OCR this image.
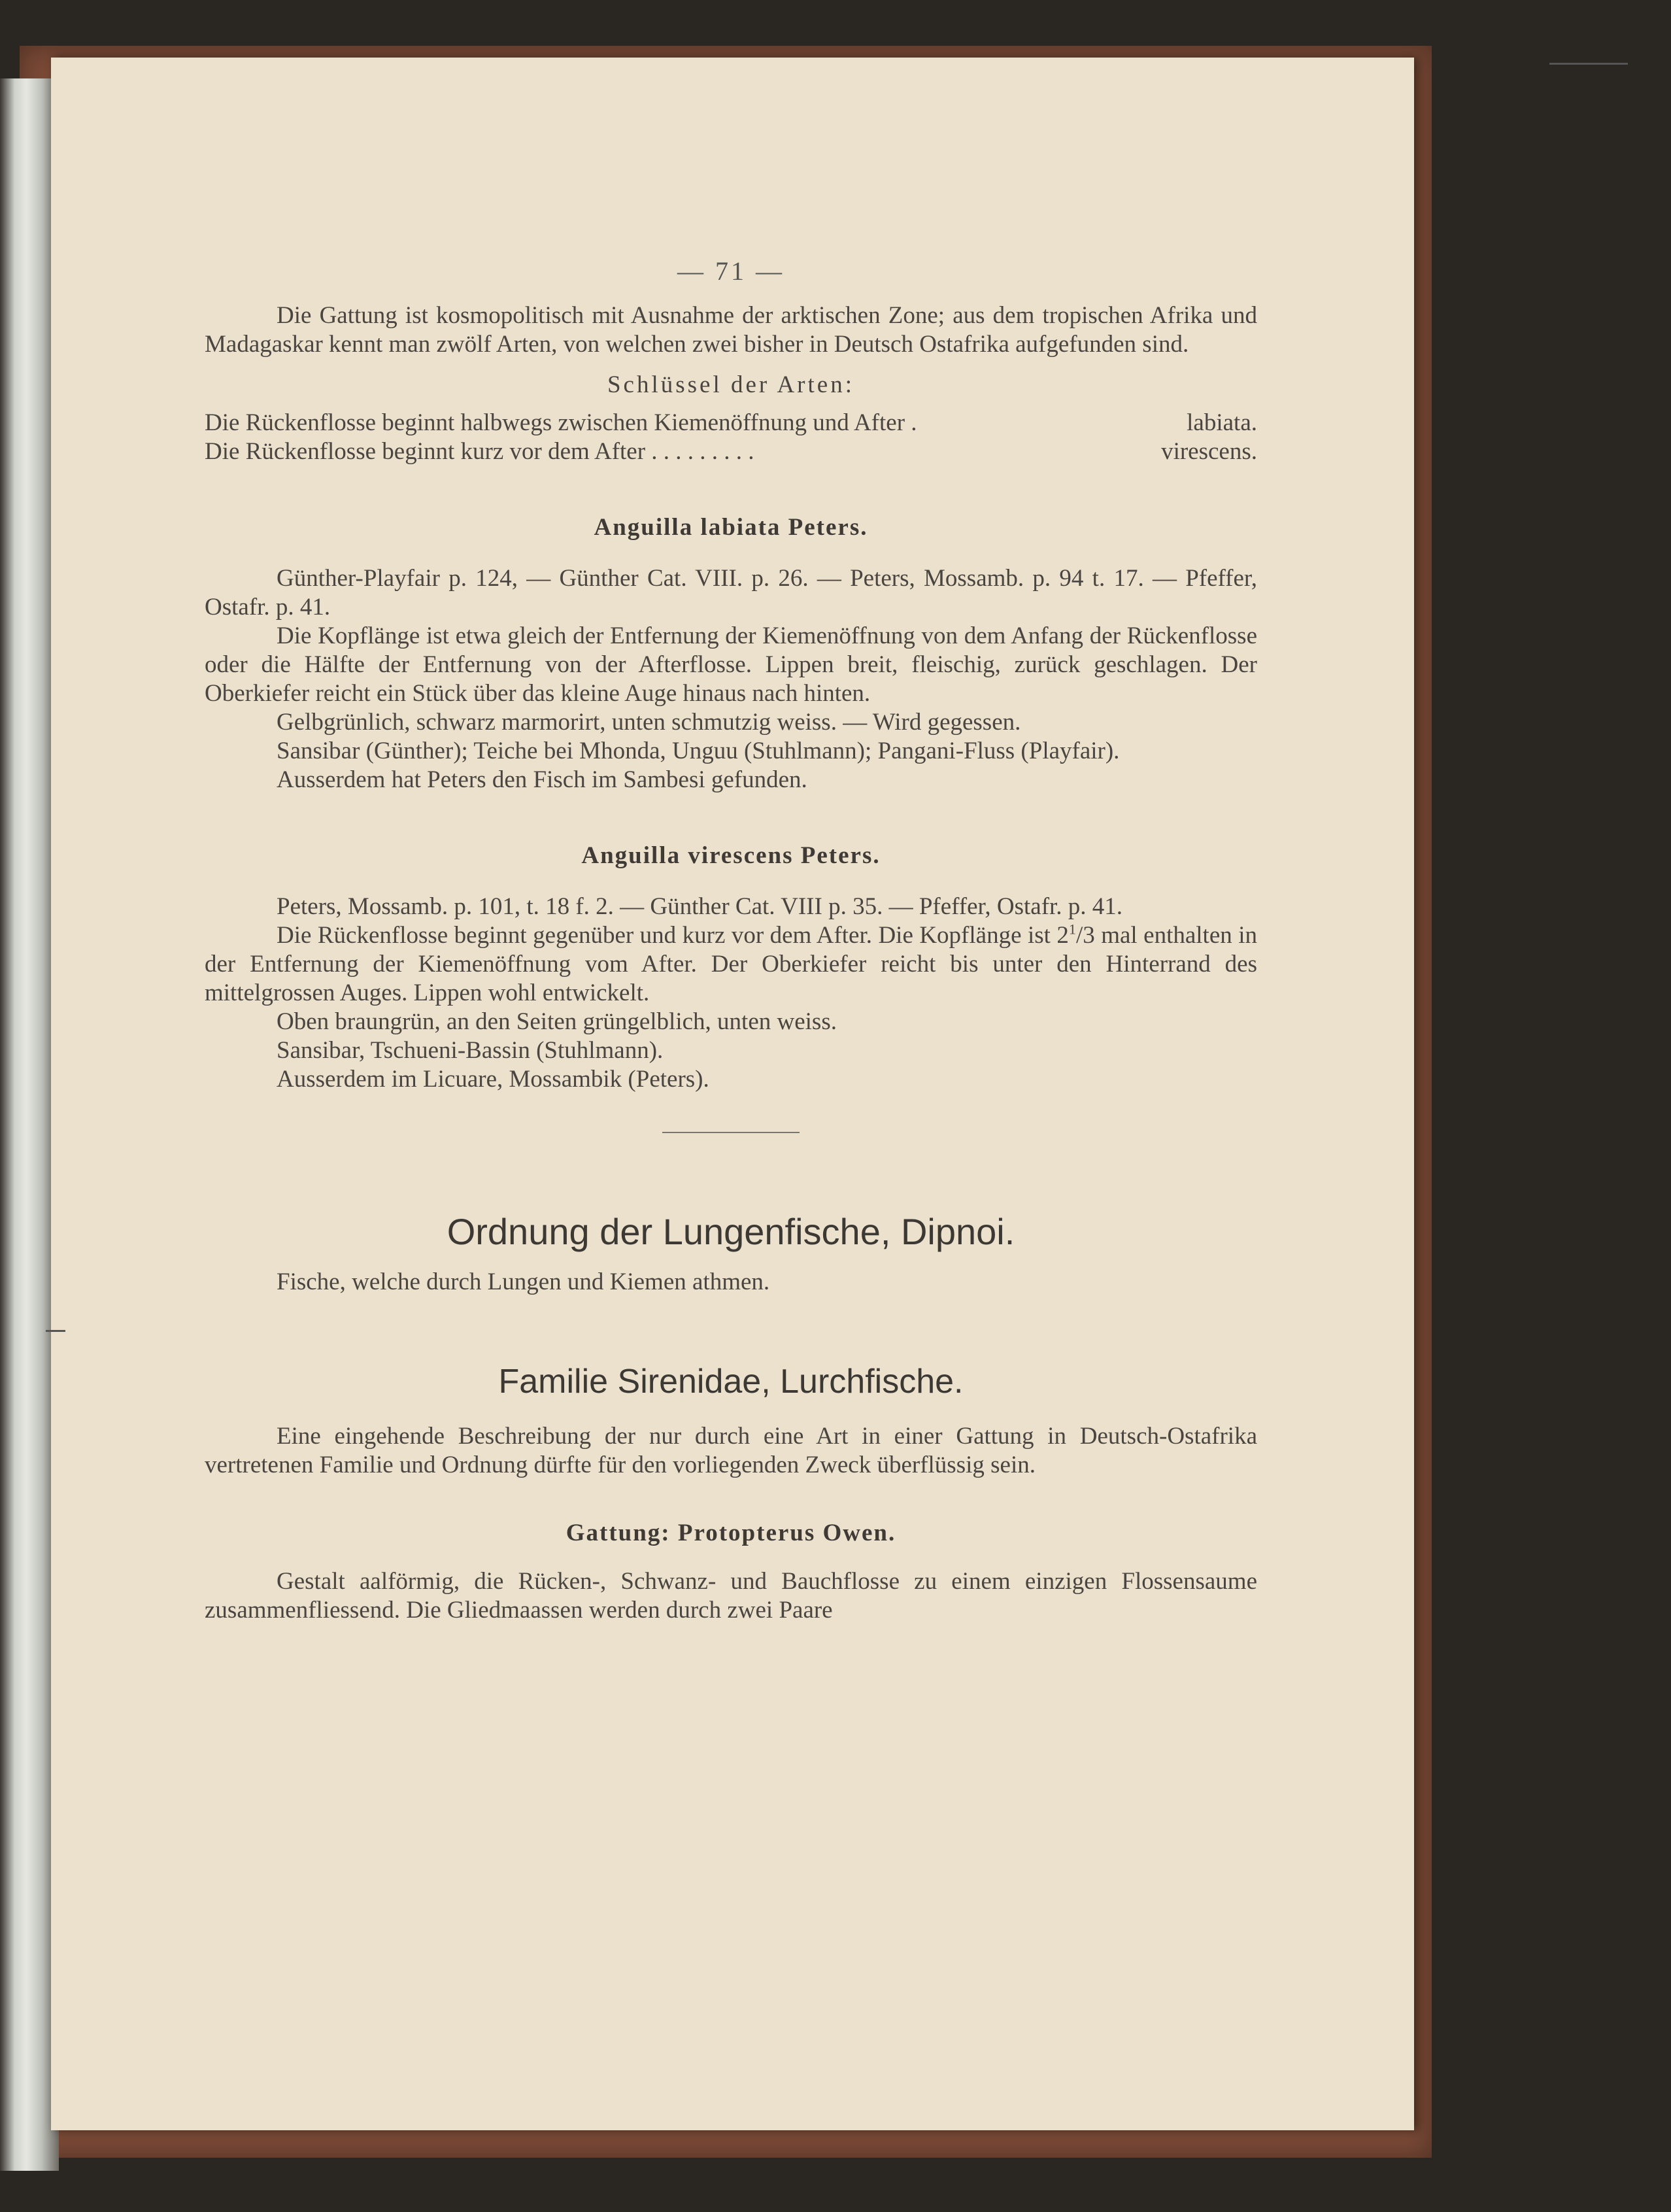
— 71 —

Die Gattung ist kosmopolitisch mit Ausnahme der arktischen Zone; aus dem tropischen Afrika und Madagaskar kennt man zwölf Arten, von welchen zwei bisher in Deutsch Ostafrika aufgefunden sind.

Schlüssel der Arten:
Die Rückenflosse beginnt halbwegs zwischen Kiemenöffnung und After .	labiata.
Die Rückenflosse beginnt kurz vor dem After . . . . . . . . .	virescens.
Anguilla labiata Peters.

Günther-Playfair p. 124, — Günther Cat. VIII. p. 26. — Peters, Mossamb. p. 94 t. 17. — Pfeffer, Ostafr. p. 41.

Die Kopflänge ist etwa gleich der Entfernung der Kiemenöffnung von dem Anfang der Rückenflosse oder die Hälfte der Entfernung von der Afterflosse. Lippen breit, fleischig, zurück geschlagen. Der Oberkiefer reicht ein Stück über das kleine Auge hinaus nach hinten.

Gelbgrünlich, schwarz marmorirt, unten schmutzig weiss. — Wird gegessen.

Sansibar (Günther); Teiche bei Mhonda, Unguu (Stuhlmann); Pangani-Fluss (Playfair).

Ausserdem hat Peters den Fisch im Sambesi gefunden.

Anguilla virescens Peters.

Peters, Mossamb. p. 101, t. 18 f. 2. — Günther Cat. VIII p. 35. — Pfeffer, Ostafr. p. 41.

Die Rückenflosse beginnt gegenüber und kurz vor dem After. Die Kopflänge ist $2^1/3$ mal enthalten in der Entfernung der Kiemenöffnung vom After. Der Oberkiefer reicht bis unter den Hinterrand des mittelgrossen Auges. Lippen wohl entwickelt.

Oben braungrün, an den Seiten grüngelblich, unten weiss.

Sansibar, Tschueni-Bassin (Stuhlmann).

Ausserdem im Licuare, Mossambik (Peters).

Ordnung der Lungenfische, Dipnoi.

Fische, welche durch Lungen und Kiemen athmen.

Familie Sirenidae, Lurchfische.

Eine eingehende Beschreibung der nur durch eine Art in einer Gattung in Deutsch-Ostafrika vertretenen Familie und Ordnung dürfte für den vorliegenden Zweck überflüssig sein.

Gattung: Protopterus Owen.

Gestalt aalförmig, die Rücken-, Schwanz- und Bauchflosse zu einem einzigen Flossensaume zusammenfliessend. Die Gliedmaassen werden durch zwei Paare
